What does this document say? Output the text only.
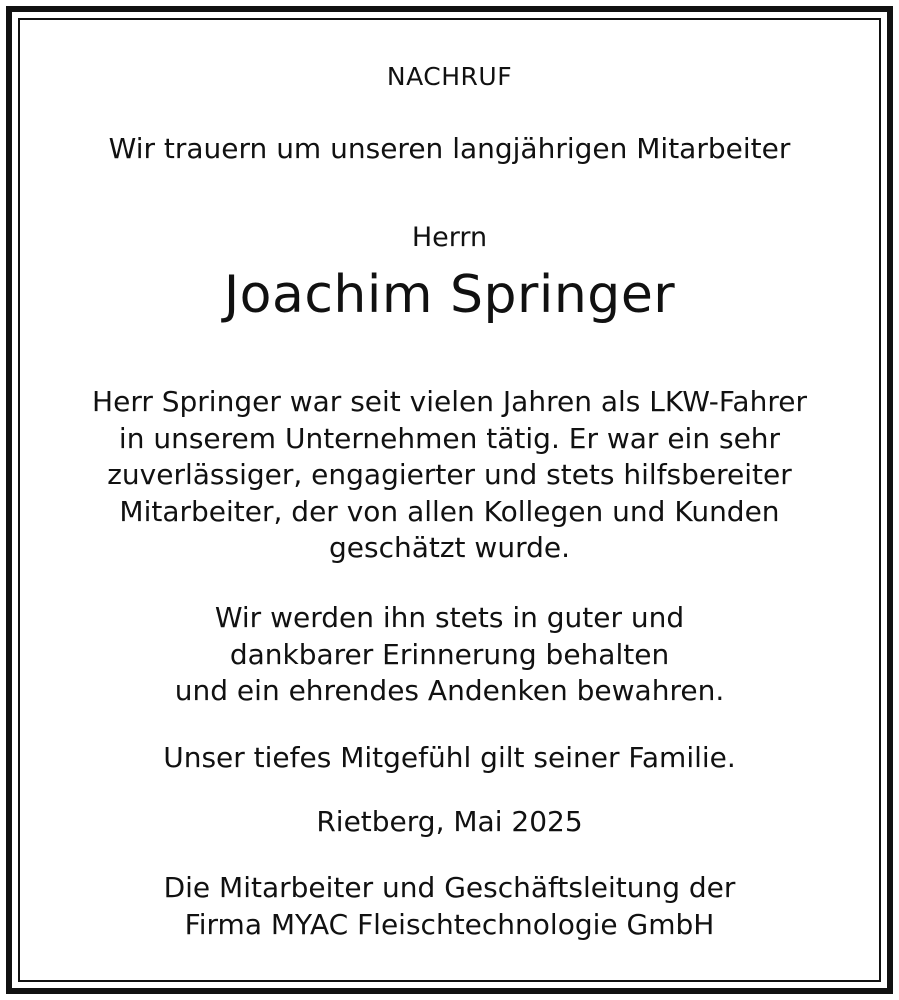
NACHRUF
Wir trauern um unseren langjährigen Mitarbeiter
Herrn
Joachim Springer
Herr Springer war seit vielen Jahren als LKW-Fahrer
in unserem Unternehmen tätig. Er war ein sehr
zuverlässiger, engagierter und stets hilfsbereiter
Mitarbeiter, der von allen Kollegen und Kunden
geschätzt wurde.
Wir werden ihn stets in guter und
dankbarer Erinnerung behalten
und ein ehrendes Andenken bewahren.
Unser tiefes Mitgefühl gilt seiner Familie.
Rietberg, Mai 2025
Die Mitarbeiter und Geschäftsleitung der
Firma MYAC Fleischtechnologie GmbH
